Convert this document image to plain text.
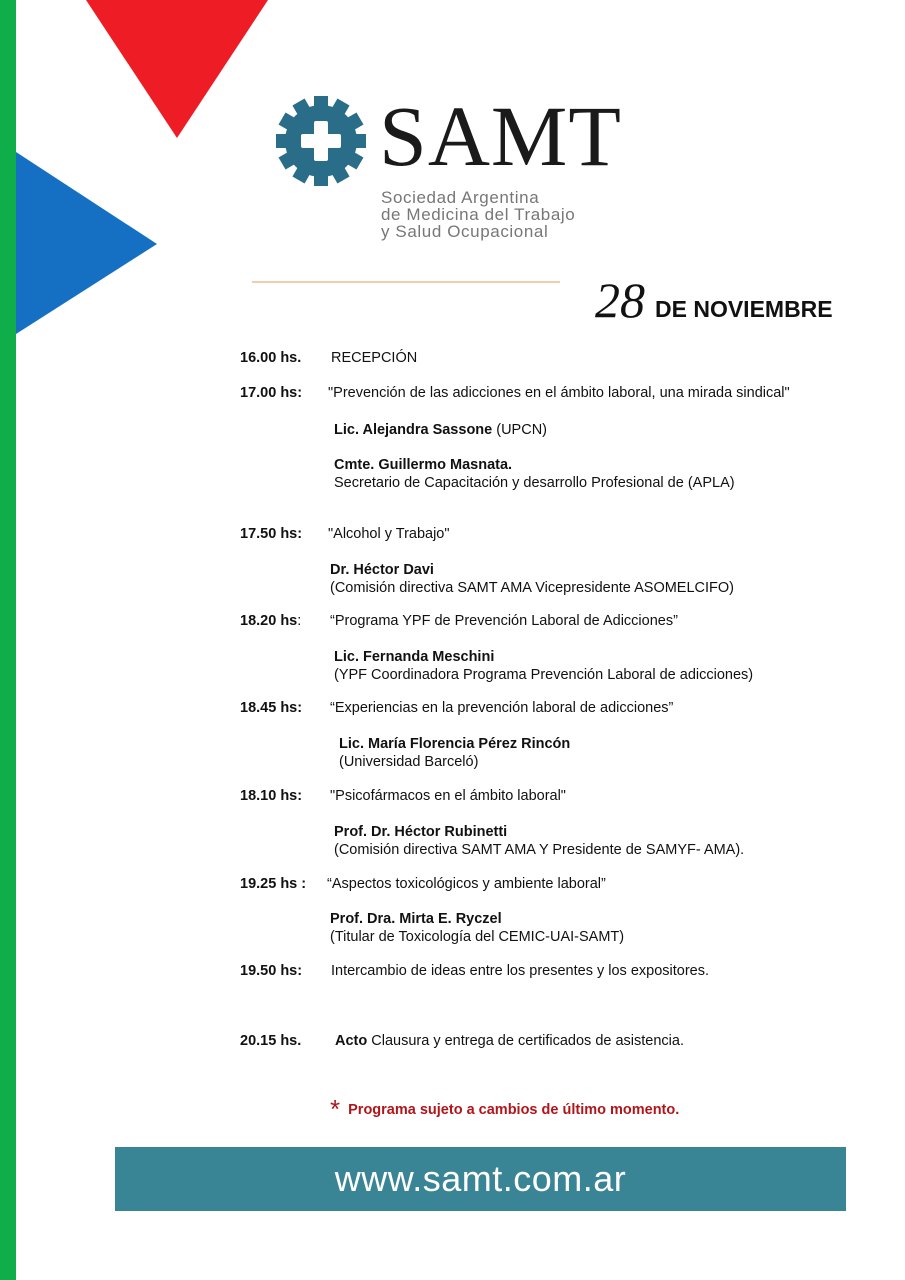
SAMT
Sociedad Argentina
de Medicina del Trabajo
y Salud Ocupacional
28 DE NOVIEMBRE
16.00 hs. RECEPCIÓN
17.00 hs: "Prevención de las adicciones en el ámbito laboral, una mirada sindical"
Lic. Alejandra Sassone (UPCN)
Cmte. Guillermo Masnata.
Secretario de Capacitación y desarrollo Profesional de (APLA)
17.50 hs: "Alcohol y Trabajo"
Dr. Héctor Davi
(Comisión directiva SAMT AMA Vicepresidente ASOMELCIFO)
18.20 hs: “Programa YPF de Prevención Laboral de Adicciones”
Lic. Fernanda Meschini
(YPF Coordinadora Programa Prevención Laboral de adicciones)
18.45 hs: “Experiencias en la prevención laboral de adicciones”
Lic. María Florencia Pérez Rincón
(Universidad Barceló)
18.10 hs: "Psicofármacos en el ámbito laboral"
Prof. Dr. Héctor Rubinetti
(Comisión directiva SAMT AMA Y Presidente de SAMYF- AMA).
19.25 hs : “Aspectos toxicológicos y ambiente laboral”
Prof. Dra. Mirta E. Ryczel
(Titular de Toxicología del CEMIC-UAI-SAMT)
19.50 hs: Intercambio de ideas entre los presentes y los expositores.
20.15 hs. Acto Clausura y entrega de certificados de asistencia.
* Programa sujeto a cambios de último momento.
www.samt.com.ar
